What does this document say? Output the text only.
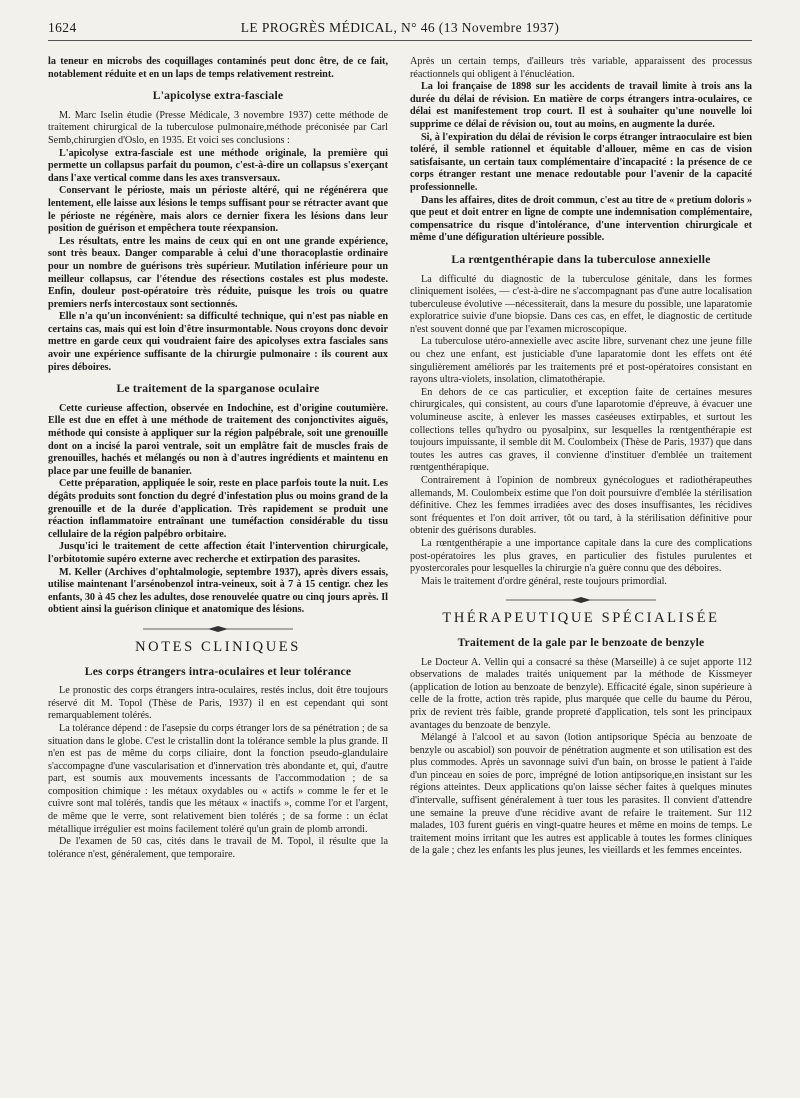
1624	LE PROGRÈS MÉDICAL, N° 46 (13 Novembre 1937)

la teneur en microbs des coquillages contaminés peut donc être, de ce fait, notablement réduite et en un laps de temps relativement restreint.

L'apicolyse extra-fasciale

M. Marc Iselin étudie (Presse Médicale, 3 novembre 1937) cette méthode de traitement chirurgical de la tuberculose pulmonaire,méthode préconisée par Carl Semb,chirurgien d'Oslo, en 1935. Et voici ses conclusions :

L'apicolyse extra-fasciale est une méthode originale, la première qui permette un collapsus parfait du poumon, c'est-à-dire un collapsus s'exerçant dans l'axe vertical comme dans les axes transversaux.

Conservant le périoste, mais un périoste altéré, qui ne régénérera que lentement, elle laisse aux lésions le temps suffisant pour se rétracter avant que le périoste ne régénère, mais alors ce dernier fixera les lésions dans leur position de guérison et empêchera toute réexpansion.

Les résultats, entre les mains de ceux qui en ont une grande expérience, sont très beaux. Danger comparable à celui d'une thoracoplastie ordinaire pour un nombre de guérisons très supérieur. Mutilation inférieure pour un meilleur collapsus, car l'étendue des résections costales est plus modeste. Enfin, douleur post-opératoire très réduite, puisque les trois ou quatre premiers nerfs intercostaux sont sectionnés.

Elle n'a qu'un inconvénient: sa difficulté technique, qui n'est pas niable en certains cas, mais qui est loin d'être insurmontable. Nous croyons donc devoir mettre en garde ceux qui voudraient faire des apicolyses extra fasciales sans avoir une expérience suffisante de la chirurgie pulmonaire : ils courent aux pires déboires.

Le traitement de la sparganose oculaire

Cette curieuse affection, observée en Indochine, est d'origine coutumière. Elle est due en effet à une méthode de traitement des conjonctivites aiguës, méthode qui consiste à appliquer sur la région palpébrale, soit une grenouille dont on a incisé la paroi ventrale, soit un emplâtre fait de muscles frais de grenouilles, hachés et mélangés ou non à d'autres ingrédients et maintenu en place par une feuille de bananier.

Cette préparation, appliquée le soir, reste en place parfois toute la nuit. Les dégâts produits sont fonction du degré d'infestation plus ou moins grand de la grenouille et de la durée d'application. Très rapidement se produit une réaction inflammatoire entraînant une tuméfaction considérable du tissu cellulaire de la région palpébro orbitaire.

Jusqu'ici le traitement de cette affection était l'intervention chirurgicale, l'orbitotomie supéro externe avec recherche et extirpation des parasites.

M. Keller (Archives d'ophtalmologie, septembre 1937), après divers essais, utilise maintenant l'arsénobenzol intra-veineux, soit à 7 à 15 centigr. chez les enfants, 30 à 45 chez les adultes, dose renouvelée quatre ou cinq jours après. Il obtient ainsi la guérison clinique et anatomique des lésions.

NOTES CLINIQUES
Les corps étrangers intra-oculaires et leur tolérance

Le pronostic des corps étrangers intra-oculaires, restés inclus, doit être toujours réservé dit M. Topol (Thèse de Paris, 1937) il en est cependant qui sont remarquablement tolérés.

La tolérance dépend : de l'asepsie du corps étranger lors de sa pénétration ; de sa situation dans le globe. C'est le cristallin dont la tolérance semble la plus grande. Il n'en est pas de même du corps ciliaire, dont la fonction pseudo-glandulaire s'accompagne d'une vascularisation et d'innervation très abondante et, qui, d'autre part, est soumis aux mouvements incessants de l'accommodation ; de sa composition chimique : les métaux oxydables ou « actifs » comme le fer et le cuivre sont mal tolérés, tandis que les métaux « inactifs », comme l'or et l'argent, de même que le verre, sont relativement bien tolérés ; de sa forme : un éclat métallique irrégulier est moins facilement toléré qu'un grain de plomb arrondi.

De l'examen de 50 cas, cités dans le travail de M. Topol, il résulte que la tolérance n'est, généralement, que temporaire.

Après un certain temps, d'ailleurs très variable, apparaissent des processus réactionnels qui obligent à l'énucléation.

La loi française de 1898 sur les accidents de travail limite à trois ans la durée du délai de révision. En matière de corps étrangers intra-oculaires, ce délai est manifestement trop court. Il est à souhaiter qu'une nouvelle loi supprime ce délai de révision ou, tout au moins, en augmente la durée.

Si, à l'expiration du délai de révision le corps étranger intraoculaire est bien toléré, il semble rationnel et équitable d'allouer, même en cas de vision satisfaisante, un certain taux complémentaire d'incapacité : la présence de ce corps étranger restant une menace redoutable pour l'avenir de la capacité professionnelle.

Dans les affaires, dites de droit commun, c'est au titre de « pretium doloris » que peut et doit entrer en ligne de compte une indemnisation complémentaire, compensatrice du risque d'intolérance, d'une intervention chirurgicale et même d'une défiguration ultérieure possible.

La rœntgenthérapie dans la tuberculose annexielle

La difficulté du diagnostic de la tuberculose génitale, dans les formes cliniquement isolées, — c'est-à-dire ne s'accompagnant pas d'une autre localisation tuberculeuse évolutive —nécessiterait, dans la mesure du possible, une laparatomie exploratrice suivie d'une biopsie. Dans ces cas, en effet, le diagnostic de certitude n'est souvent donné que par l'examen microscopique.

La tuberculose utéro-annexielle avec ascite libre, survenant chez une jeune fille ou chez une enfant, est justiciable d'une laparatomie dont les effets ont été singulièrement améliorés par les traitements pré et post-opératoires consistant en rayons ultra-violets, insolation, climatothérapie.

En dehors de ce cas particulier, et exception faite de certaines mesures chirurgicales, qui consistent, au cours d'une laparotomie d'épreuve, à évacuer une volumineuse ascite, à enlever les masses caséeuses extirpables, et surtout les collections telles qu'hydro ou pyosalpinx, sur lesquelles la rœntgenthérapie est toujours impuissante, il semble dit M. Coulombeix (Thèse de Paris, 1937) que dans toutes les autres cas graves, il convienne d'instituer d'emblée un traitement rœntgenthérapique.

Contrairement à l'opinion de nombreux gynécologues et radiothérapeuthes allemands, M. Coulombeix estime que l'on doit poursuivre d'emblée la stérilisation définitive. Chez les femmes irradiées avec des doses insuffisantes, les récidives sont fréquentes et l'on doit arriver, tôt ou tard, à la stérilisation définitive pour obtenir des guérisons durables.

La rœntgenthérapie a une importance capitale dans la cure des complications post-opératoires les plus graves, en particulier des fistules purulentes et pyostercorales pour lesquelles la chirurgie n'a guère connu que des déboires.

Mais le traitement d'ordre général, reste toujours primordial.

THÉRAPEUTIQUE SPÉCIALISÉE
Traitement de la gale par le benzoate de benzyle

Le Docteur A. Vellin qui a consacré sa thèse (Marseille) à ce sujet apporte 112 observations de malades traités uniquement par la méthode de Kissmeyer (application de lotion au benzoate de benzyle). Efficacité égale, sinon supérieure à celle de la frotte, action très rapide, plus marquée que celle du baume du Pérou, prix de revient très faible, grande propreté d'application, tels sont les principaux avantages du benzoate de benzyle.

Mélangé à l'alcool et au savon (lotion antipsorique Spécia au benzoate de benzyle ou ascabiol) son pouvoir de pénétration augmente et son utilisation est des plus commodes. Après un savonnage suivi d'un bain, on brosse le patient à l'aide d'un pinceau en soies de porc, imprégné de lotion antipsorique,en insistant sur les régions atteintes. Deux applications qu'on laisse sécher faites à quelques minutes d'intervalle, suffisent généralement à tuer tous les parasites. Il convient d'attendre une semaine la preuve d'une récidive avant de refaire le traitement. Sur 112 malades, 103 furent guéris en vingt-quatre heures et même en moins de temps. Le traitement moins irritant que les autres est applicable à toutes les formes cliniques de la gale ; chez les enfants les plus jeunes, les vieillards et les femmes enceintes.
